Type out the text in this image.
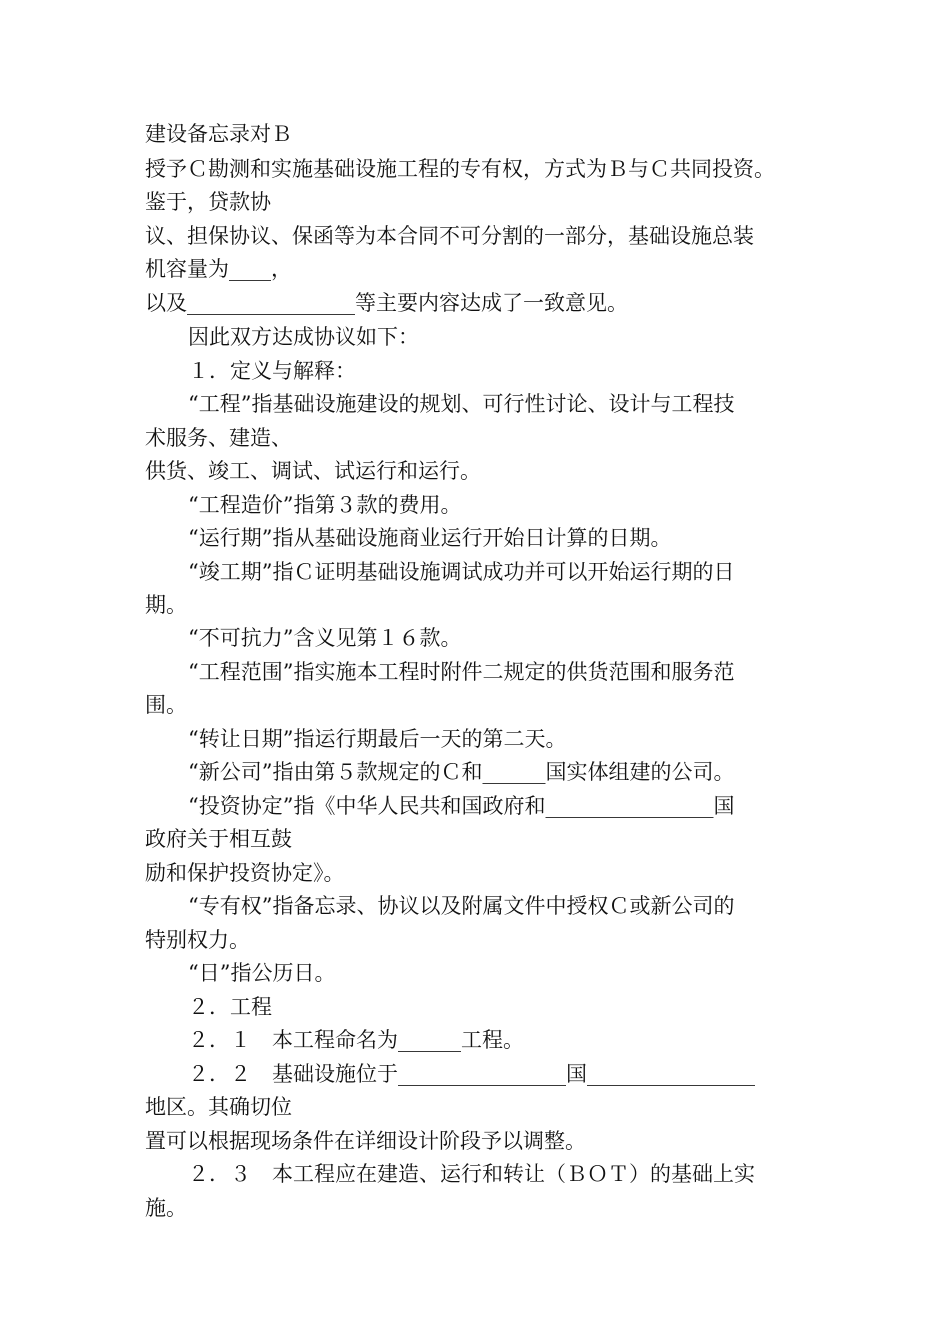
建设备忘录对Ｂ
授予Ｃ勘测和实施基础设施工程的专有权，方式为Ｂ与Ｃ共同投资。
鉴于，贷款协
议、担保协议、保函等为本合同不可分割的一部分，基础设施总装
机容量为____，
以及________________等主要内容达成了一致意见。
因此双方达成协议如下：
１．定义与解释：
“工程”指基础设施建设的规划、可行性讨论、设计与工程技
术服务、建造、
供货、竣工、调试、试运行和运行。
“工程造价”指第３款的费用。
“运行期”指从基础设施商业运行开始日计算的日期。
“竣工期”指Ｃ证明基础设施调试成功并可以开始运行期的日
期。
“不可抗力”含义见第１６款。
“工程范围”指实施本工程时附件二规定的供货范围和服务范
围。
“转让日期”指运行期最后一天的第二天。
“新公司”指由第５款规定的Ｃ和______国实体组建的公司。
“投资协定”指《中华人民共和国政府和________________国
政府关于相互鼓
励和保护投资协定》。
“专有权”指备忘录、协议以及附属文件中授权Ｃ或新公司的
特别权力。
“日”指公历日。
２．工程
２．１　本工程命名为______工程。
２．２　基础设施位于________________国________________
地区。其确切位
置可以根据现场条件在详细设计阶段予以调整。
２．３　本工程应在建造、运行和转让（ＢＯＴ）的基础上实
施。
